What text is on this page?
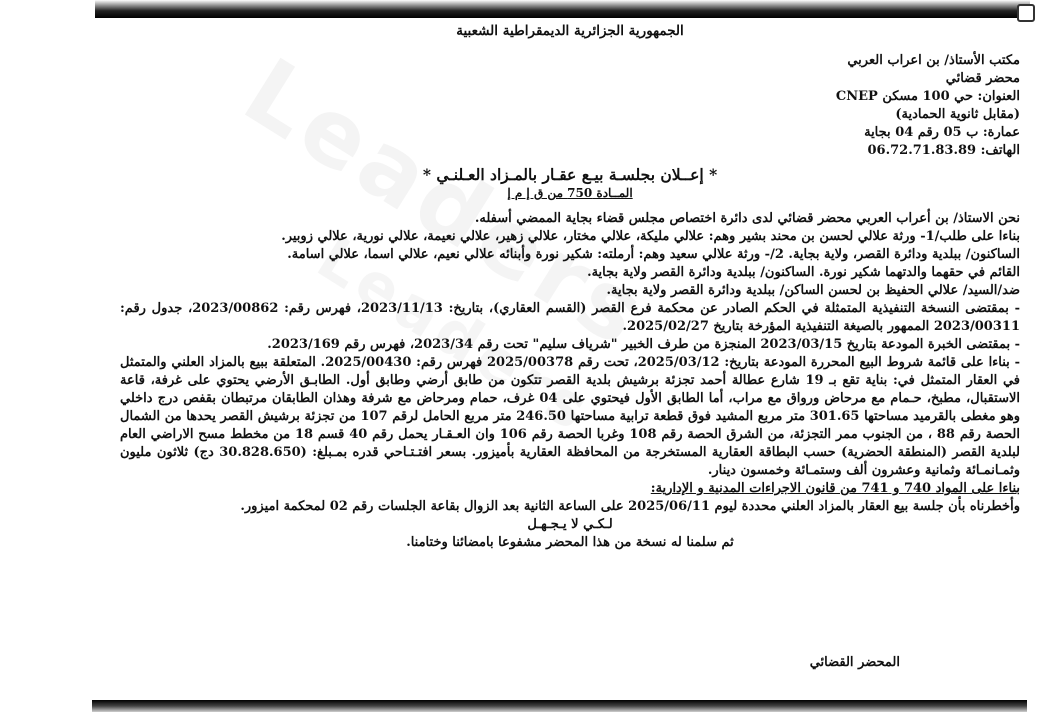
الجمهورية الجزائرية الديمقراطية الشعبية

مكتب الأستاذ/ بن اعراب العربي

محضر قضائي

العنوان: حي 100 مسكن CNEP

(مقابل ثانوية الحمادية)

عمارة: ب 05 رقم 04 بجاية

الهاتف: 06.72.71.83.89

* إعــلان بجلسـة بيـع عقـار بالمـزاد العـلنـي *
المــادة 750 من ق إ م إ

نحن الاستاذ/ بن أعراب العربي محضر قضائي لدى دائرة اختصاص مجلس قضاء بجاية الممضي أسفله.

بناءا على طلب/1- ورثة علالي لحسن بن محند بشير وهم: علالي مليكة، علالي مختار، علالي زهير، علالي نعيمة، علالي نورية، علالي زوبير.

الساكنون/ ببلدية ودائرة القصر، ولاية بجاية. 2/- ورثة علالي سعيد وهم: أرملته: شكير نورة وأبنائه علالي نعيم، علالي اسما، علالي اسامة.

القائم في حقهما والدتهما شكير نورة. الساكنون/ ببلدية ودائرة القصر ولاية بجاية.

ضد/السيد/ علالي الحفيظ بن لحسن الساكن/ ببلدية ودائرة القصر ولاية بجاية.

- بمقتضى النسخة التنفيذية المتمثلة في الحكم الصادر عن محكمة فرع القصر (القسم العقاري)، بتاريخ: 2023/11/13، فهرس رقم: 2023/00862، جدول رقم: 2023/00311 الممهور بالصيغة التنفيذية المؤرخة بتاريخ 2025/02/27.

- بمقتضى الخبرة المودعة بتاريخ 2023/03/15 المنجزة من طرف الخبير "شرياف سليم" تحت رقم 2023/34، فهرس رقم 2023/169.

- بناءا على قائمة شروط البيع المحررة المودعة بتاريخ: 2025/03/12، تحت رقم 2025/00378 فهرس رقم: 2025/00430. المتعلقة ببيع بالمزاد العلني والمتمثل في العقار المتمثل في: بناية تقع بـ 19 شارع عطالة أحمد تجزئة برشيش بلدية القصر تتكون من طابق أرضي وطابق أول. الطابـق الأرضي يحتوي على غرفة، قاعة الاستقبال، مطبخ، حـمام مع مرحاض ورواق مع مراب، أما الطابق الأول فيحتوي على 04 غرف، حمام ومرحاض مع شرفة وهذان الطابقان مرتبطان بقفص درج داخلي وهو مغطى بالقرميد مساحتها 301.65 متر مربع المشيد فوق قطعة ترابية مساحتها 246.50 متر مربع الحامل لرقم 107 من تجزئة برشيش القصر يحدها من الشمال الحصة رقم 88 ، من الجنوب ممر التجزئة، من الشرق الحصة رقم 108 وغربا الحصة رقم 106 وان العـقـار يحمل رقم 40 قسم 18 من مخطط مسح الاراضي العام لبلدية القصر (المنطقة الحضرية) حسب البطاقة العقارية المستخرجة من المحافظة العقارية بأميزور. بسعر افتـتـاحي قدره بمـبلغ: (30.828.650 دج) ثلاثون مليون وثمـانمـائة وثمانية وعشرون ألف وستمـائة وخمسون دينار.

بناءا على المواد 740 و 741 من قانون الاجراءات المدنية و الإدارية:

وأخطرناه بأن جلسة بيع العقار بالمزاد العلني محددة ليوم 2025/06/11 على الساعة الثانية بعد الزوال بقاعة الجلسات رقم 02 لمحكمة اميزور.

لـكـي لا يـجـهـل
ثم سلمنا له نسخة من هذا المحضر مشفوعا بامضائنا وختامنا.
المحضر القضائي
